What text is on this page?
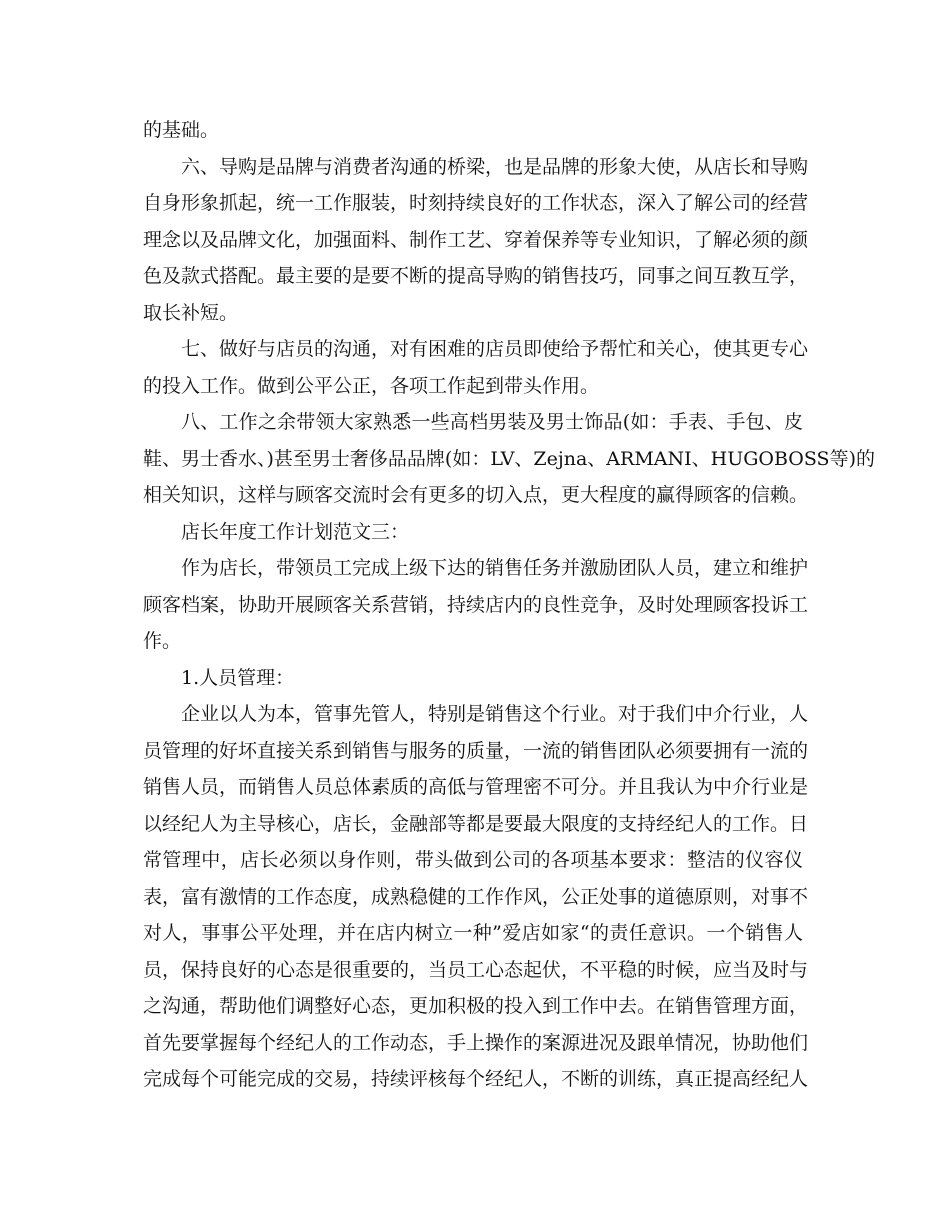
的基础。
六、导购是品牌与消费者沟通的桥梁，也是品牌的形象大使，从店长和导购
自身形象抓起，统一工作服装，时刻持续良好的工作状态，深入了解公司的经营
理念以及品牌文化，加强面料、制作工艺、穿着保养等专业知识，了解必须的颜
色及款式搭配。最主要的是要不断的提高导购的销售技巧，同事之间互教互学，
取长补短。
七、做好与店员的沟通，对有困难的店员即使给予帮忙和关心，使其更专心
的投入工作。做到公平公正，各项工作起到带头作用。
八、工作之余带领大家熟悉一些高档男装及男士饰品(如：手表、手包、皮
鞋、男士香水、)甚至男士奢侈品品牌(如：LV、Zejna、ARMANI、HUGOBOSS等)的
相关知识，这样与顾客交流时会有更多的切入点，更大程度的赢得顾客的信赖。
店长年度工作计划范文三：
作为店长，带领员工完成上级下达的销售任务并激励团队人员，建立和维护
顾客档案，协助开展顾客关系营销，持续店内的良性竞争，及时处理顾客投诉工
作。
1.人员管理：
企业以人为本，管事先管人，特别是销售这个行业。对于我们中介行业，人
员管理的好坏直接关系到销售与服务的质量，一流的销售团队必须要拥有一流的
销售人员，而销售人员总体素质的高低与管理密不可分。并且我认为中介行业是
以经纪人为主导核心，店长，金融部等都是要最大限度的支持经纪人的工作。日
常管理中，店长必须以身作则，带头做到公司的各项基本要求：整洁的仪容仪
表，富有激情的工作态度，成熟稳健的工作作风，公正处事的道德原则，对事不
对人，事事公平处理，并在店内树立一种”爱店如家“的责任意识。一个销售人
员，保持良好的心态是很重要的，当员工心态起伏，不平稳的时候，应当及时与
之沟通，帮助他们调整好心态，更加积极的投入到工作中去。在销售管理方面，
首先要掌握每个经纪人的工作动态，手上操作的案源进况及跟单情况，协助他们
完成每个可能完成的交易，持续评核每个经纪人，不断的训练，真正提高经纪人
